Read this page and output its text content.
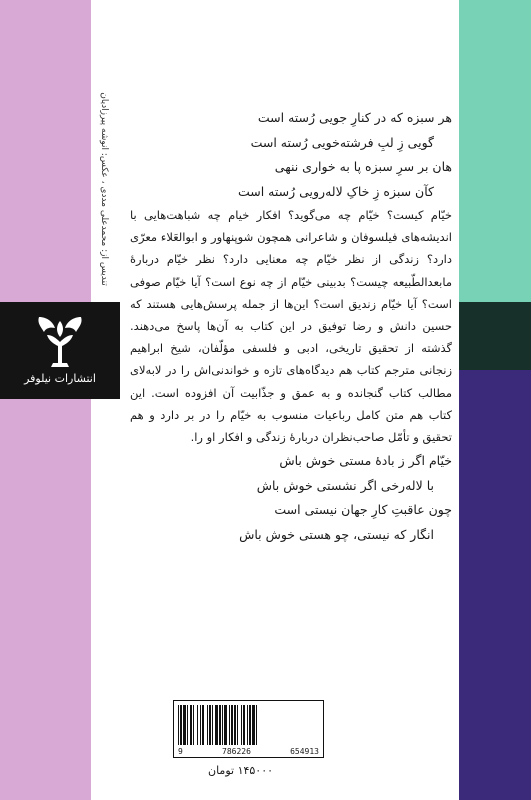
تندیس از: محمدعلی مددی ، عکس: انوشه پیرزادیان
انتشارات نیلوفر
هر سبزه که در کنارِ جویی رُسته است
گویی زِ لبِ فرشته‌خویی رُسته است
هان بر سرِ سبزه پا به خواری ننهی
کآن سبزه زِ خاکِ لاله‌رویی رُسته است

خیّام کیست؟ خیّام چه می‌گوید؟ افکار خیام چه شباهت‌هایی با اندیشه‌های فیلسوفان و شاعرانی همچون شوپنهاور و ابوالعَلاء معرّی دارد؟ زندگی از نظر خیّام چه معنایی دارد؟ نظر خیّام دربارهٔ مابعدالطّبیعه چیست؟ بدبینی خیّام از چه نوع است؟ آیا خیّام صوفی است؟ آیا خیّام زندیق است؟ این‌ها از جمله پرسش‌هایی هستند که حسین دانش و رضا توفیق در این کتاب به آن‌ها پاسخ می‌دهند. گذشته از تحقیق تاریخی، ادبی و فلسفی مؤلّفان، شیخ ابراهیم زنجانی مترجم کتاب هم دیدگاه‌های تازه و خواندنی‌اش را در لابه‌لای مطالب کتاب گنجانده و به عمق و جذّابیت آن افزوده است. این کتاب هم متن کامل رباعیات منسوب به خیّام را در بر دارد و هم تحقیق و تأمّل صاحب‌نظران دربارهٔ زندگی و افکار او را.

خیّام اگر ز بادهٔ مستی خوش باش
با لاله‌رخی اگر نشستی خوش باش
چون عاقبتِ کارِ جهان نیستی است
انگار که نیستی، چو هستی خوش باش
9	786226	654913
۱۴۵۰۰۰ تومان
